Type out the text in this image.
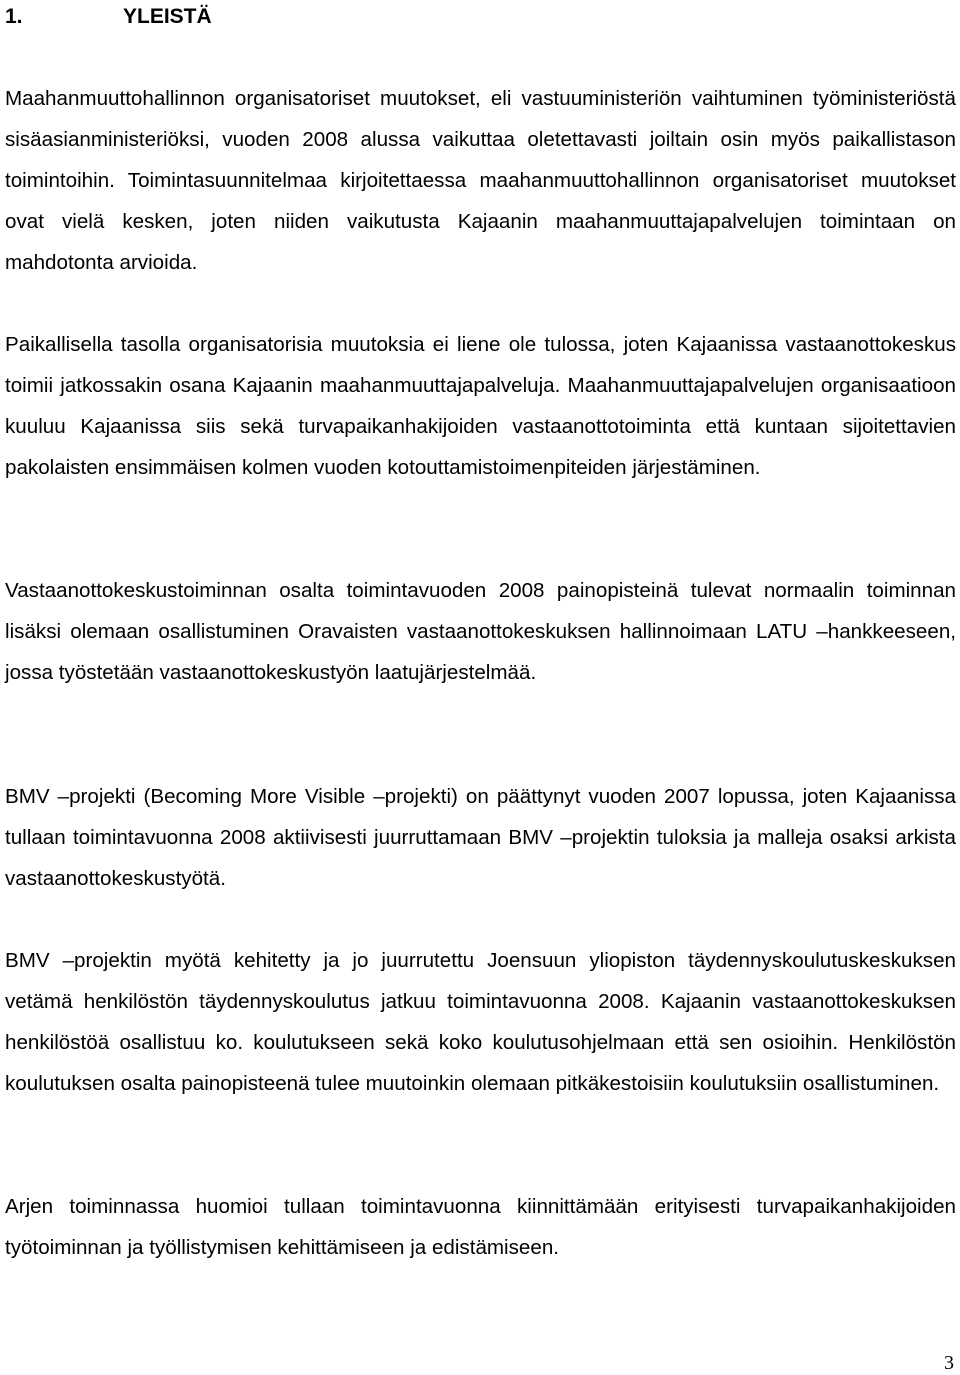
1.	YLEISTÄ

Maahanmuuttohallinnon organisatoriset muutokset, eli vastuuministeriön vaihtuminen työministeriöstä sisäasianministeriöksi, vuoden 2008 alussa vaikuttaa oletettavasti joiltain osin myös paikallistason toimintoihin. Toimintasuunnitelmaa kirjoitettaessa maahanmuuttohallinnon organisatoriset muutokset ovat vielä kesken, joten niiden vaikutusta Kajaanin maahanmuuttajapalvelujen toimintaan on mahdotonta arvioida.

Paikallisella tasolla organisatorisia muutoksia ei liene ole tulossa, joten Kajaanissa vastaanottokeskus toimii jatkossakin osana Kajaanin maahanmuuttajapalveluja. Maahanmuuttajapalvelujen organisaatioon kuuluu Kajaanissa siis sekä turvapaikanhakijoiden vastaanottotoiminta että kuntaan sijoitettavien pakolaisten ensimmäisen kolmen vuoden kotouttamistoimenpiteiden järjestäminen.

Vastaanottokeskustoiminnan osalta toimintavuoden 2008 painopisteinä tulevat normaalin toiminnan lisäksi olemaan osallistuminen Oravaisten vastaanottokeskuksen hallinnoimaan LATU –hankkeeseen, jossa työstetään vastaanottokeskustyön laatujärjestelmää.

BMV –projekti (Becoming More Visible –projekti) on päättynyt vuoden 2007 lopussa, joten Kajaanissa tullaan toimintavuonna 2008 aktiivisesti juurruttamaan BMV –projektin tuloksia ja malleja osaksi arkista vastaanottokeskustyötä.

BMV –projektin myötä kehitetty ja jo juurrutettu Joensuun yliopiston täydennyskoulutuskeskuksen vetämä henkilöstön täydennyskoulutus jatkuu toimintavuonna 2008. Kajaanin vastaanottokeskuksen henkilöstöä osallistuu ko. koulutukseen sekä koko koulutusohjelmaan että sen osioihin. Henkilöstön koulutuksen osalta painopisteenä tulee muutoinkin olemaan pitkäkestoisiin koulutuksiin osallistuminen.

Arjen toiminnassa huomioi tullaan toimintavuonna kiinnittämään erityisesti turvapaikanhakijoiden työtoiminnan ja työllistymisen kehittämiseen ja edistämiseen.

3
